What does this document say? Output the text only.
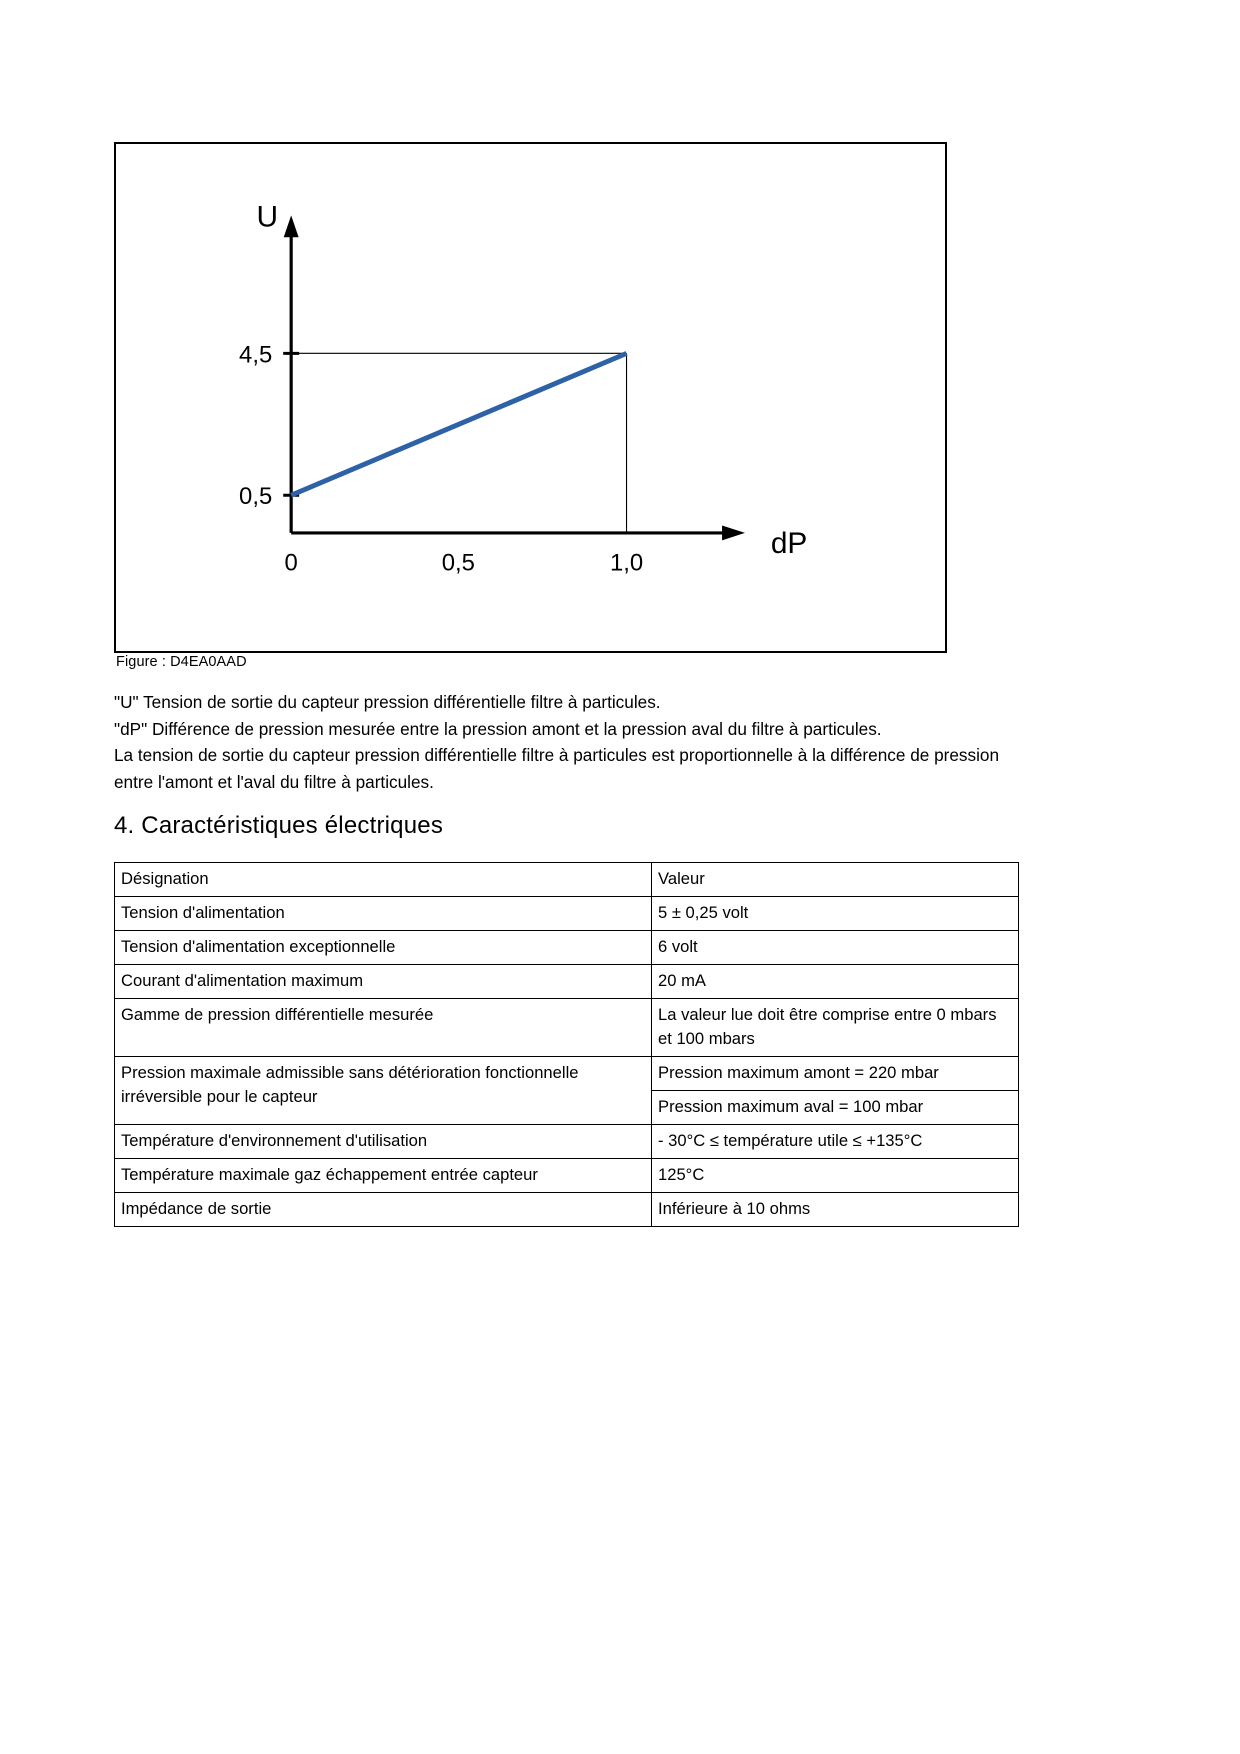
U
dP
4,5
0,5
0	0,5	1,0
Figure : D4EA0AAD

"U" Tension de sortie du capteur pression différentielle filtre à particules.

"dP" Différence de pression mesurée entre la pression amont et la pression aval du filtre à particules.

La tension de sortie du capteur pression différentielle filtre à particules est proportionnelle à la différence de pression entre l'amont et l'aval du filtre à particules.

4. Caractéristiques électriques
Désignation	Valeur
Tension d'alimentation	5 ± 0,25 volt
Tension d'alimentation exceptionnelle	6 volt
Courant d'alimentation maximum	20 mA
Gamme de pression différentielle mesurée	La valeur lue doit être comprise entre 0 mbars et 100 mbars
Pression maximale admissible sans détérioration fonctionnelle irréversible pour le capteur	Pression maximum amont = 220 mbar
	Pression maximum aval = 100 mbar
Température d'environnement d'utilisation	- 30°C ≤ température utile ≤ +135°C
Température maximale gaz échappement entrée capteur	125°C
Impédance de sortie	Inférieure à 10 ohms
